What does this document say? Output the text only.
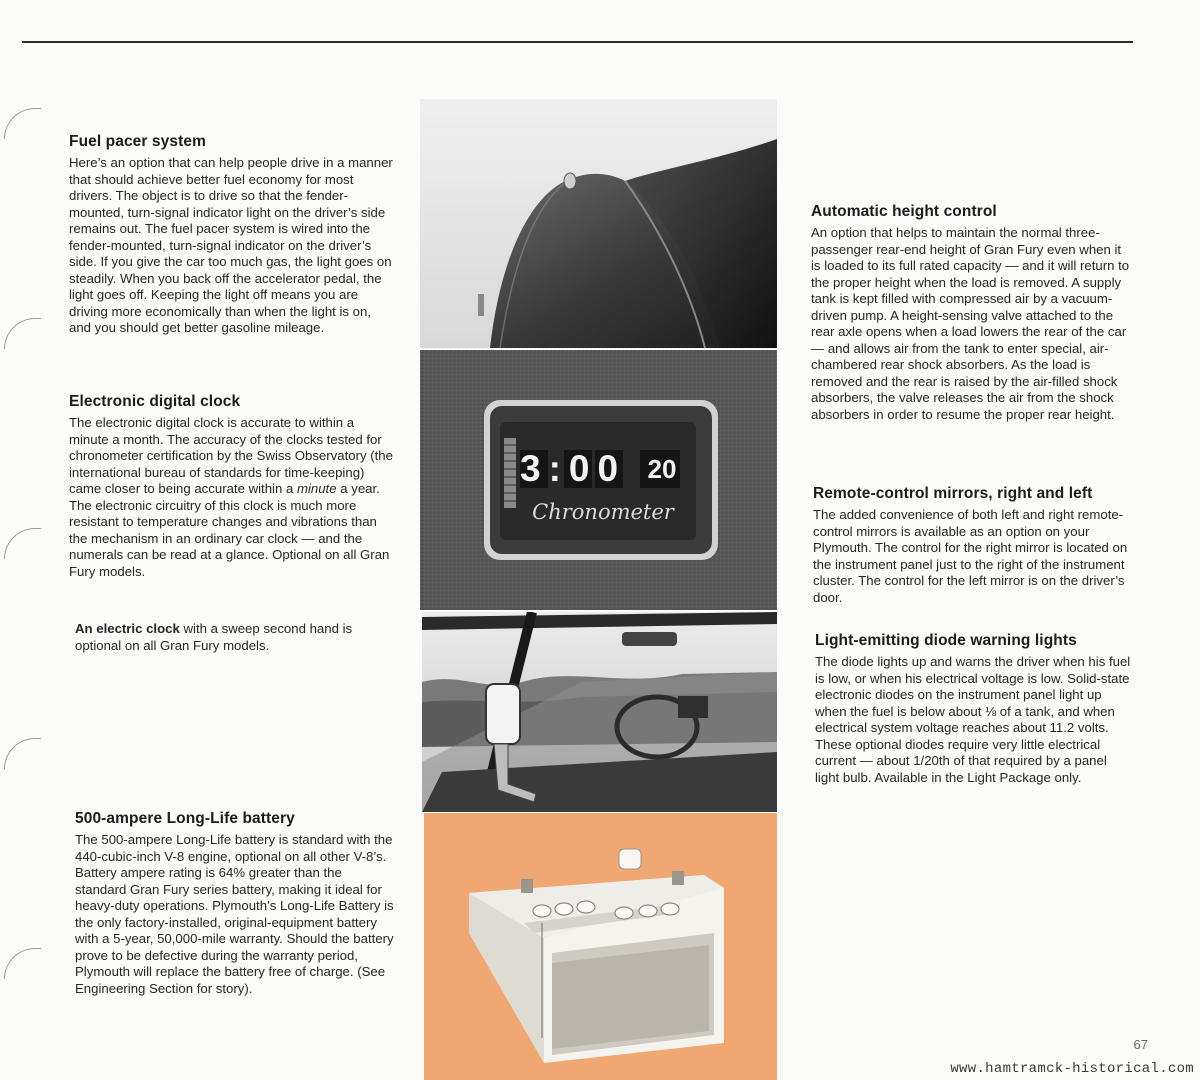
Fuel pacer system

Here’s an option that can help people drive in a manner that should achieve better fuel economy for most drivers. The object is to drive so that the fender-mounted, turn-signal indicator light on the driver’s side remains out. The fuel pacer system is wired into the fender-mounted, turn-signal indicator on the driver’s side. If you give the car too much gas, the light goes on steadily. When you back off the accelerator pedal, the light goes off. Keeping the light off means you are driving more economically than when the light is on, and you should get better gasoline mileage.

Electronic digital clock

The electronic digital clock is accurate to within a minute a month. The accuracy of the clocks tested for chronometer certification by the Swiss Observatory (the international bureau of standards for time-keeping) came closer to being accurate within a minute a year. The electronic circuitry of this clock is much more resistant to temperature changes and vibrations than the mechanism in an ordinary car clock — and the numerals can be read at a glance. Optional on all Gran Fury models.

An electric clock with a sweep second hand is optional on all Gran Fury models.

500-ampere Long-Life battery

The 500-ampere Long-Life battery is standard with the 440-cubic-inch V-8 engine, optional on all other V-8’s. Battery ampere rating is 64% greater than the standard Gran Fury series battery, making it ideal for heavy-duty operations. Plymouth’s Long-Life Battery is the only factory-installed, original-equipment battery with a 5-year, 50,000-mile warranty. Should the battery prove to be defective during the warranty period, Plymouth will replace the battery free of charge. (See Engineering Section for story).

3:00 20
Chronometer
Automatic height control

An option that helps to maintain the normal three-passenger rear-end height of Gran Fury even when it is loaded to its full rated capacity — and it will return to the proper height when the load is removed. A supply tank is kept filled with compressed air by a vacuum-driven pump. A height-sensing valve attached to the rear axle opens when a load lowers the rear of the car — and allows air from the tank to enter special, air-chambered rear shock absorbers. As the load is removed and the rear is raised by the air-filled shock absorbers, the valve releases the air from the shock absorbers in order to resume the proper rear height.

Remote-control mirrors, right and left

The added convenience of both left and right remote-control mirrors is available as an option on your Plymouth. The control for the right mirror is located on the instrument panel just to the right of the instrument cluster. The control for the left mirror is on the driver’s door.

Light-emitting diode warning lights

The diode lights up and warns the driver when his fuel is low, or when his electrical voltage is low. Solid-state electronic diodes on the instrument panel light up when the fuel is below about ⅛ of a tank, and when electrical system voltage reaches about 11.2 volts. These optional diodes require very little electrical current — about 1/20th of that required by a panel light bulb. Available in the Light Package only.

67
www.hamtramck-historical.com
